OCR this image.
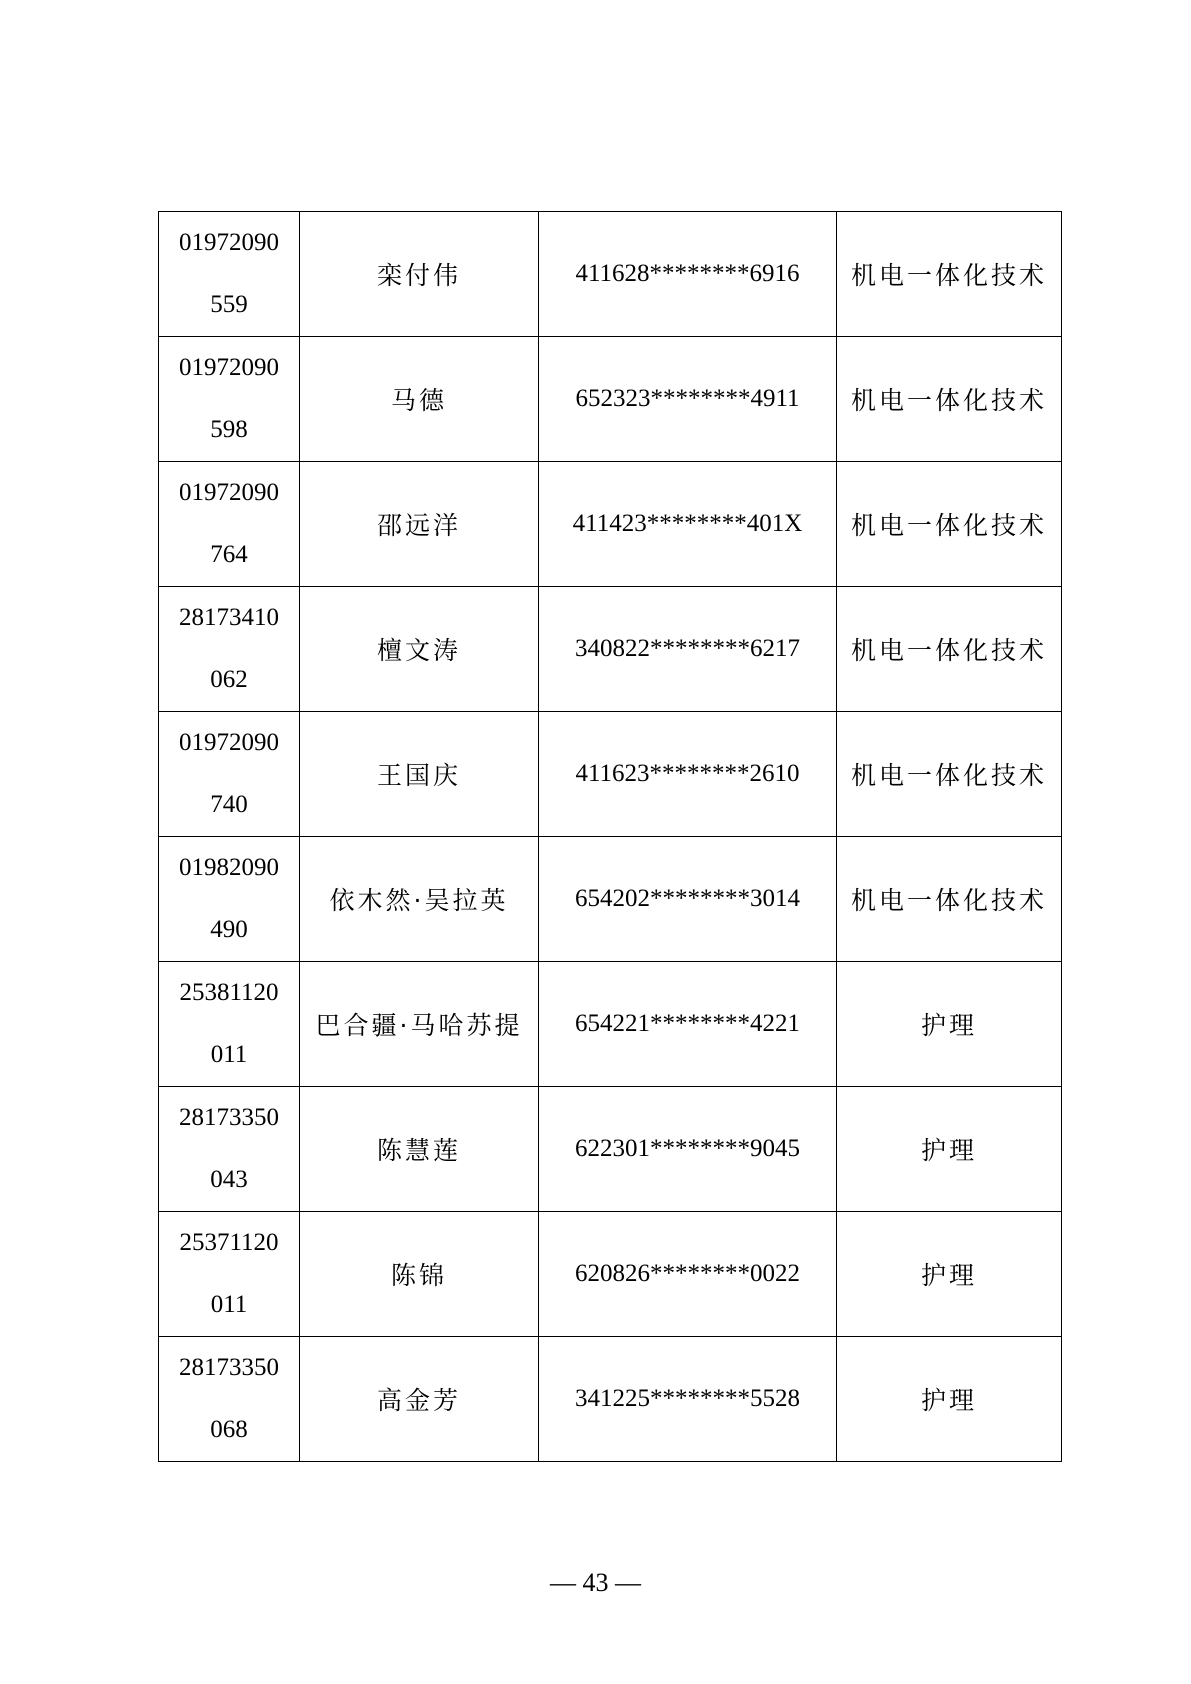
01972090
559	栾付伟	411628********6916	机电一体化技术

01972090
598	马德	652323********4911	机电一体化技术

01972090
764	邵远洋	411423********401X	机电一体化技术

28173410
062	檀文涛	340822********6217	机电一体化技术

01972090
740	王国庆	411623********2610	机电一体化技术

01982090
490	依木然·吴拉英	654202********3014	机电一体化技术

25381120
011	巴合疆·马哈苏提	654221********4221	护理

28173350
043	陈慧莲	622301********9045	护理

25371120
011	陈锦	620826********0022	护理

28173350
068	高金芳	341225********5528	护理
— 43 —
